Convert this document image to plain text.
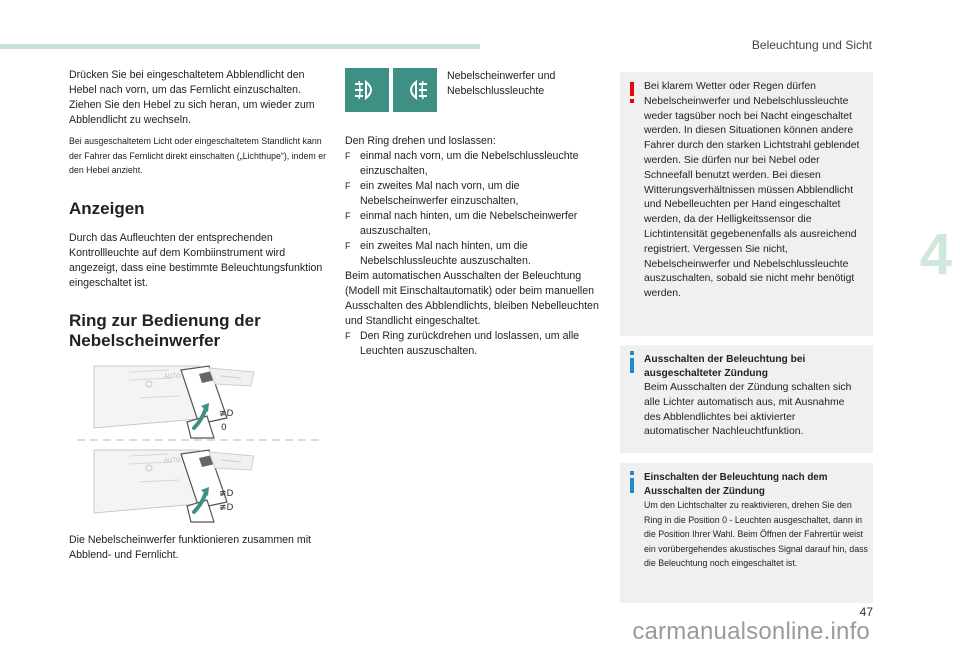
Beleuchtung und Sicht
4

Drücken Sie bei eingeschaltetem Abblendlicht den Hebel nach vorn, um das Fernlicht einzuschalten. Ziehen Sie den Hebel zu sich heran, um wieder zum Abblendlicht zu wechseln.

Bei ausgeschaltetem Licht oder eingeschaltetem Standlicht kann der Fahrer das Fernlicht direkt einschalten („Lichthupe“), indem er den Hebel anzieht.

Anzeigen

Durch das Aufleuchten der entsprechenden Kontrollleuchte auf dem Kombiinstrument wird angezeigt, dass eine bestimmte Beleuchtungsfunktion eingeschaltet ist.

Ring zur Bedienung der
Nebelscheinwerfer
AUTO
≢D
0
AUTO
≢D
≢D

Die Nebelscheinwerfer funktionieren zusammen mit Abblend- und Fernlicht.

Nebelscheinwerfer und Nebelschlussleuchte

Den Ring drehen und loslassen:

F einmal nach vorn, um die Nebelschlussleuchte einzuschalten,
F ein zweites Mal nach vorn, um die Nebelscheinwerfer einzuschalten,
F einmal nach hinten, um die Nebelscheinwerfer auszuschalten,
F ein zweites Mal nach hinten, um die Nebelschlussleuchte auszuschalten.

Beim automatischen Ausschalten der Beleuchtung (Modell mit Einschaltautomatik) oder beim manuellen Ausschalten des Abblendlichts, bleiben Nebelleuchten und Standlicht eingeschaltet.

F Den Ring zurückdrehen und loslassen, um alle Leuchten auszuschalten.

Bei klarem Wetter oder Regen dürfen Nebelscheinwerfer und Nebelschlussleuchte weder tagsüber noch bei Nacht eingeschaltet werden. In diesen Situationen können andere Fahrer durch den starken Lichtstrahl geblendet werden. Sie dürfen nur bei Nebel oder Schneefall benutzt werden. Bei diesen Witterungsverhältnissen müssen Abblendlicht und Nebelleuchten per Hand eingeschaltet werden, da der Helligkeitssensor die Lichtintensität gegebenenfalls als ausreichend registriert. Vergessen Sie nicht, Nebelscheinwerfer und Nebelschlussleuchte auszuschalten, sobald sie nicht mehr benötigt werden.

Ausschalten der Beleuchtung bei ausgeschalteter Zündung

Beim Ausschalten der Zündung schalten sich alle Lichter automatisch aus, mit Ausnahme des Abblendlichtes bei aktivierter automatischer Nachleuchtfunktion.

Einschalten der Beleuchtung nach dem Ausschalten der Zündung

Um den Lichtschalter zu reaktivieren, drehen Sie den Ring in die Position 0 - Leuchten ausgeschaltet, dann in die Position Ihrer Wahl. Beim Öffnen der Fahrertür weist ein vorübergehendes akustisches Signal darauf hin, dass die Beleuchtung noch eingeschaltet ist.

47
carmanualsonline.info
